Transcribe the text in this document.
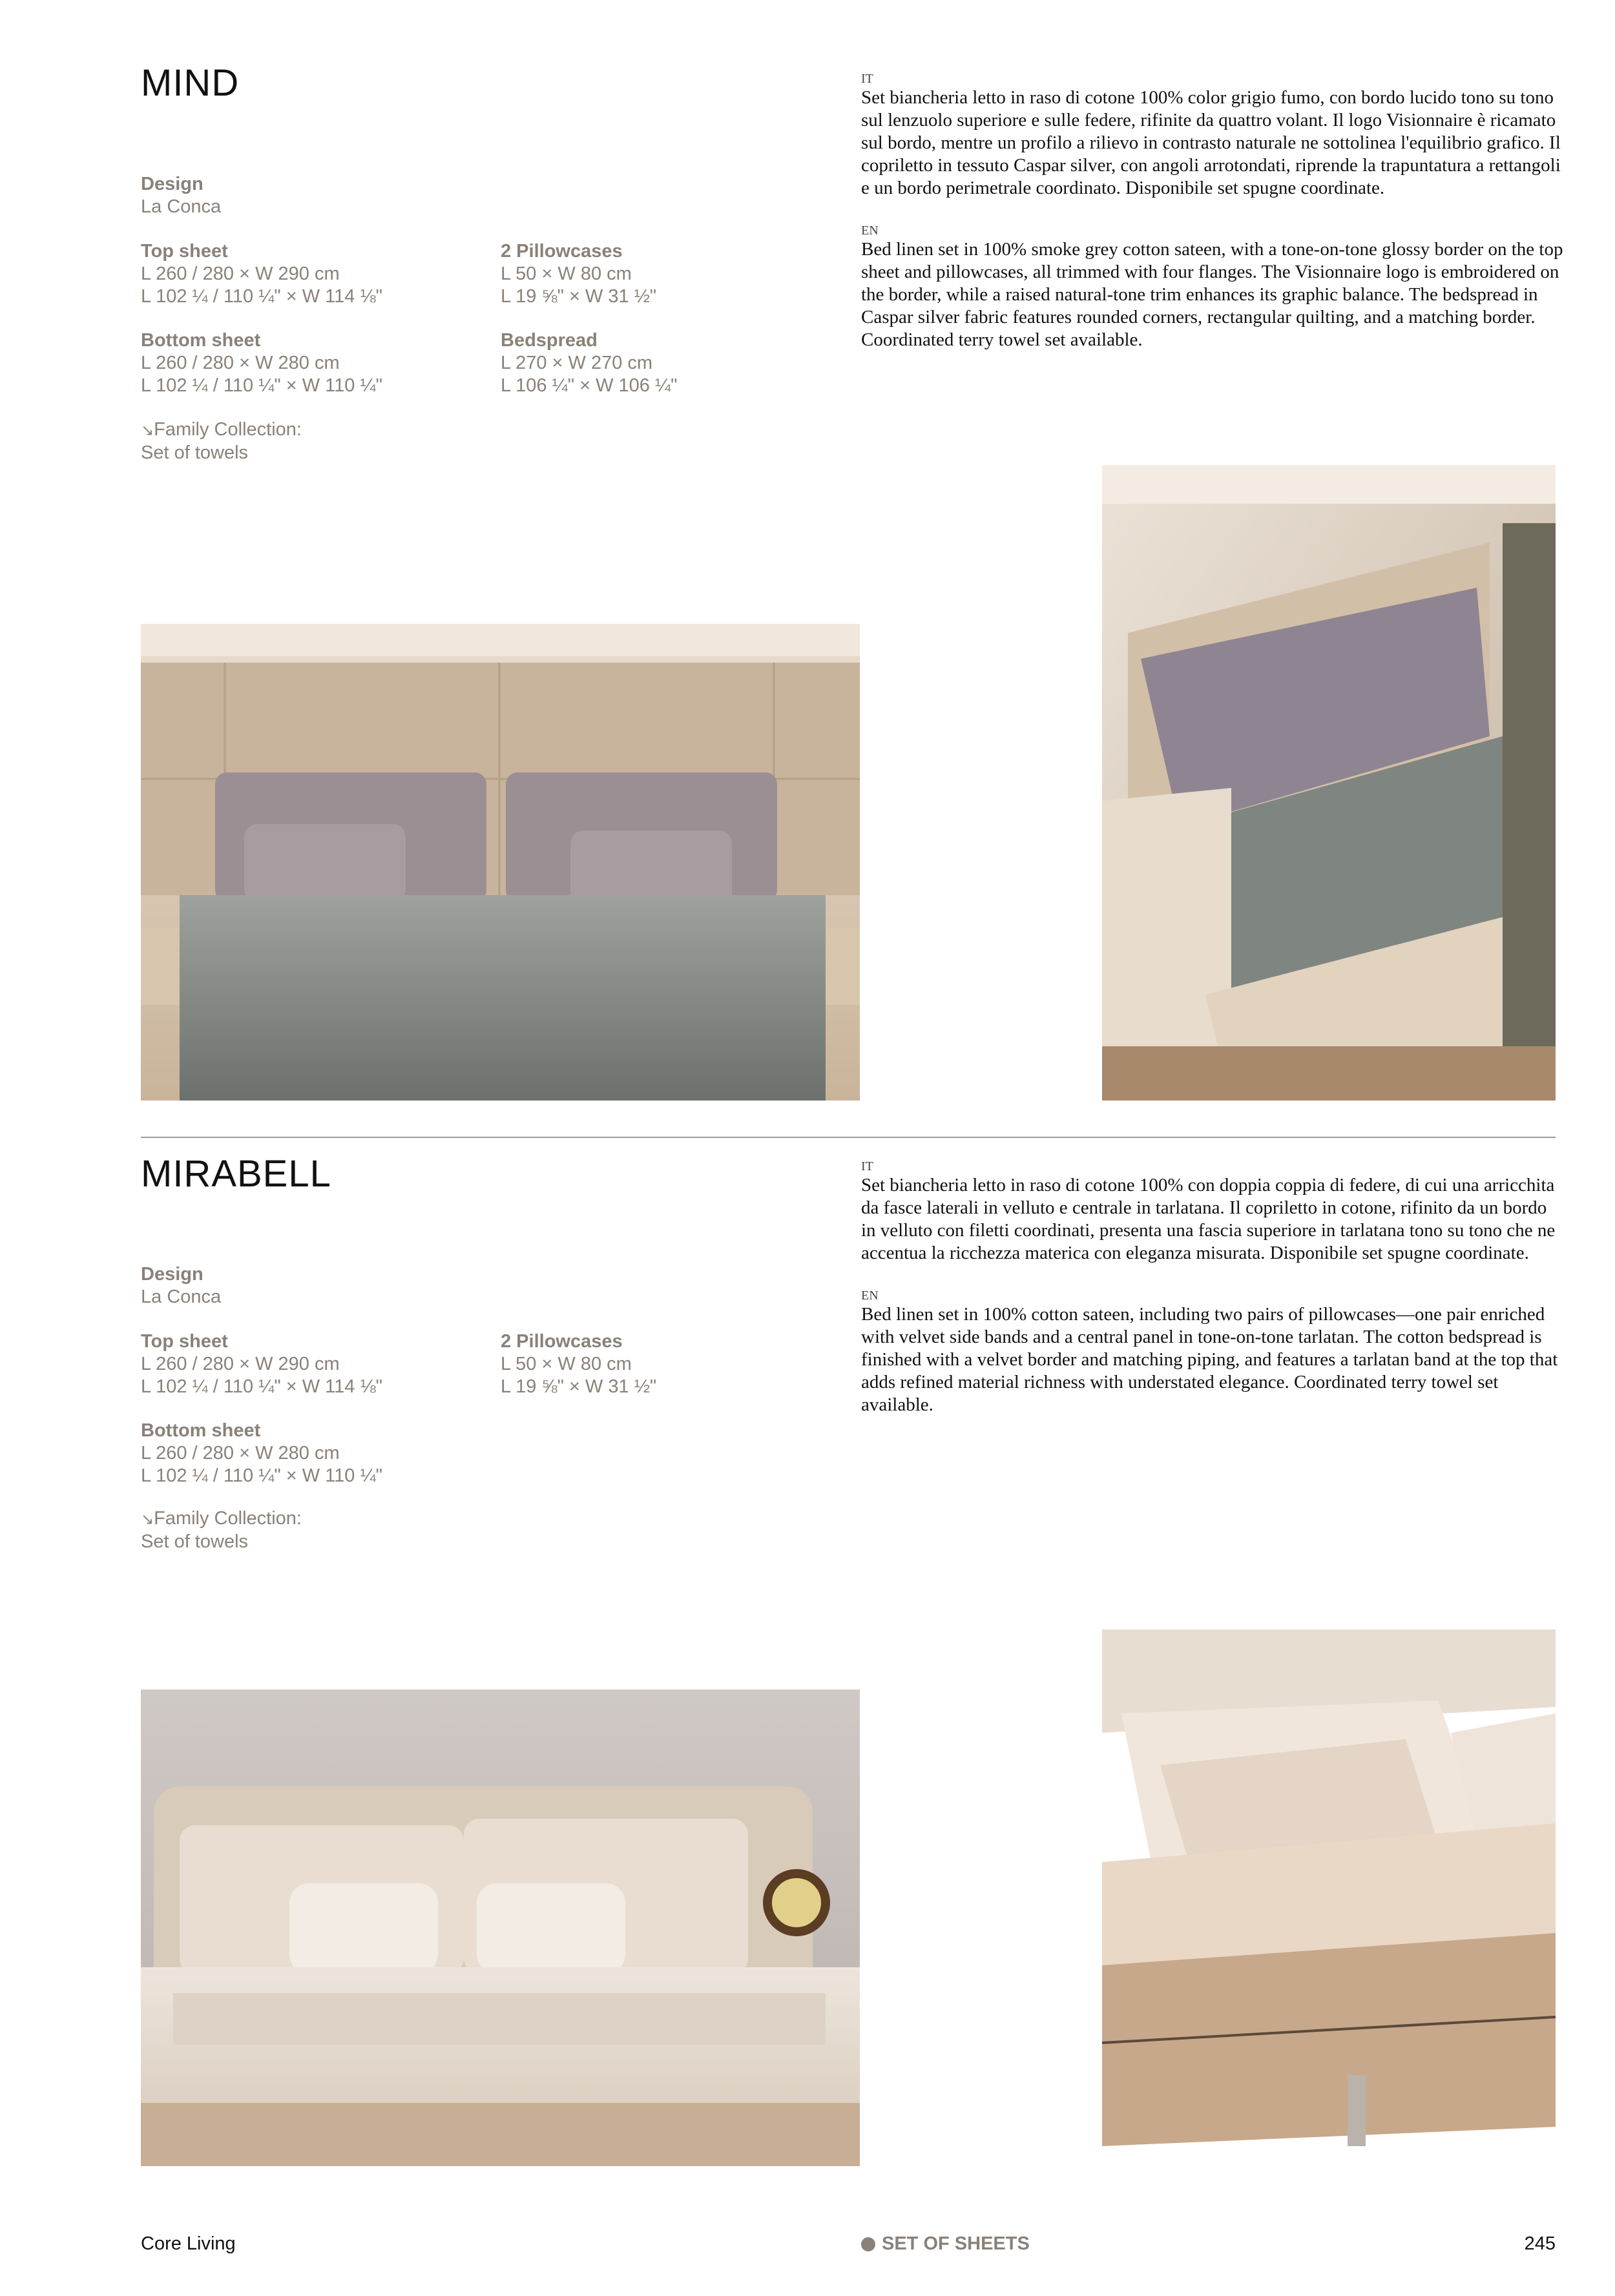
MIND
Design
La Conca
Top sheet
L 260 / 280 × W 290 cm
L 102 ¼ / 110 ¼" × W 114 ⅛"
2 Pillowcases
L 50 × W 80 cm
L 19 ⅝" × W 31 ½"
Bottom sheet
L 260 / 280 × W 280 cm
L 102 ¼ / 110 ¼" × W 110 ¼"
Bedspread
L 270 × W 270 cm
L 106 ¼" × W 106 ¼"
↘Family Collection:
Set of towels
IT
Set biancheria letto in raso di cotone 100% color grigio fumo, con bordo lucido tono su tono sul lenzuolo superiore e sulle federe, rifinite da quattro volant. Il logo Visionnaire è ricamato sul bordo, mentre un profilo a rilievo in contrasto naturale ne sottolinea l'equilibrio grafico. Il copriletto in tessuto Caspar silver, con angoli arrotondati, riprende la trapuntatura a rettangoli e un bordo perimetrale coordinato. Disponibile set spugne coordinate.
EN
Bed linen set in 100% smoke grey cotton sateen, with a tone-on-tone glossy border on the top sheet and pillowcases, all trimmed with four flanges. The Visionnaire logo is embroidered on the border, while a raised natural-tone trim enhances its graphic balance. The bedspread in Caspar silver fabric features rounded corners, rectangular quilting, and a matching border. Coordinated terry towel set available.
MIRABELL
Design
La Conca
Top sheet
L 260 / 280 × W 290 cm
L 102 ¼ / 110 ¼" × W 114 ⅛"
2 Pillowcases
L 50 × W 80 cm
L 19 ⅝" × W 31 ½"
Bottom sheet
L 260 / 280 × W 280 cm
L 102 ¼ / 110 ¼" × W 110 ¼"
↘Family Collection:
Set of towels
IT
Set biancheria letto in raso di cotone 100% con doppia coppia di federe, di cui una arricchita da fasce laterali in velluto e centrale in tarlatana. Il copriletto in cotone, rifinito da un bordo in velluto con filetti coordinati, presenta una fascia superiore in tarlatana tono su tono che ne accentua la ricchezza materica con eleganza misurata. Disponibile set spugne coordinate.
EN
Bed linen set in 100% cotton sateen, including two pairs of pillowcases—one pair enriched with velvet side bands and a central panel in tone-on-tone tarlatan. The cotton bedspread is finished with a velvet border and matching piping, and features a tarlatan band at the top that adds refined material richness with understated elegance. Coordinated terry towel set available.
Core Living	SET OF SHEETS	245
